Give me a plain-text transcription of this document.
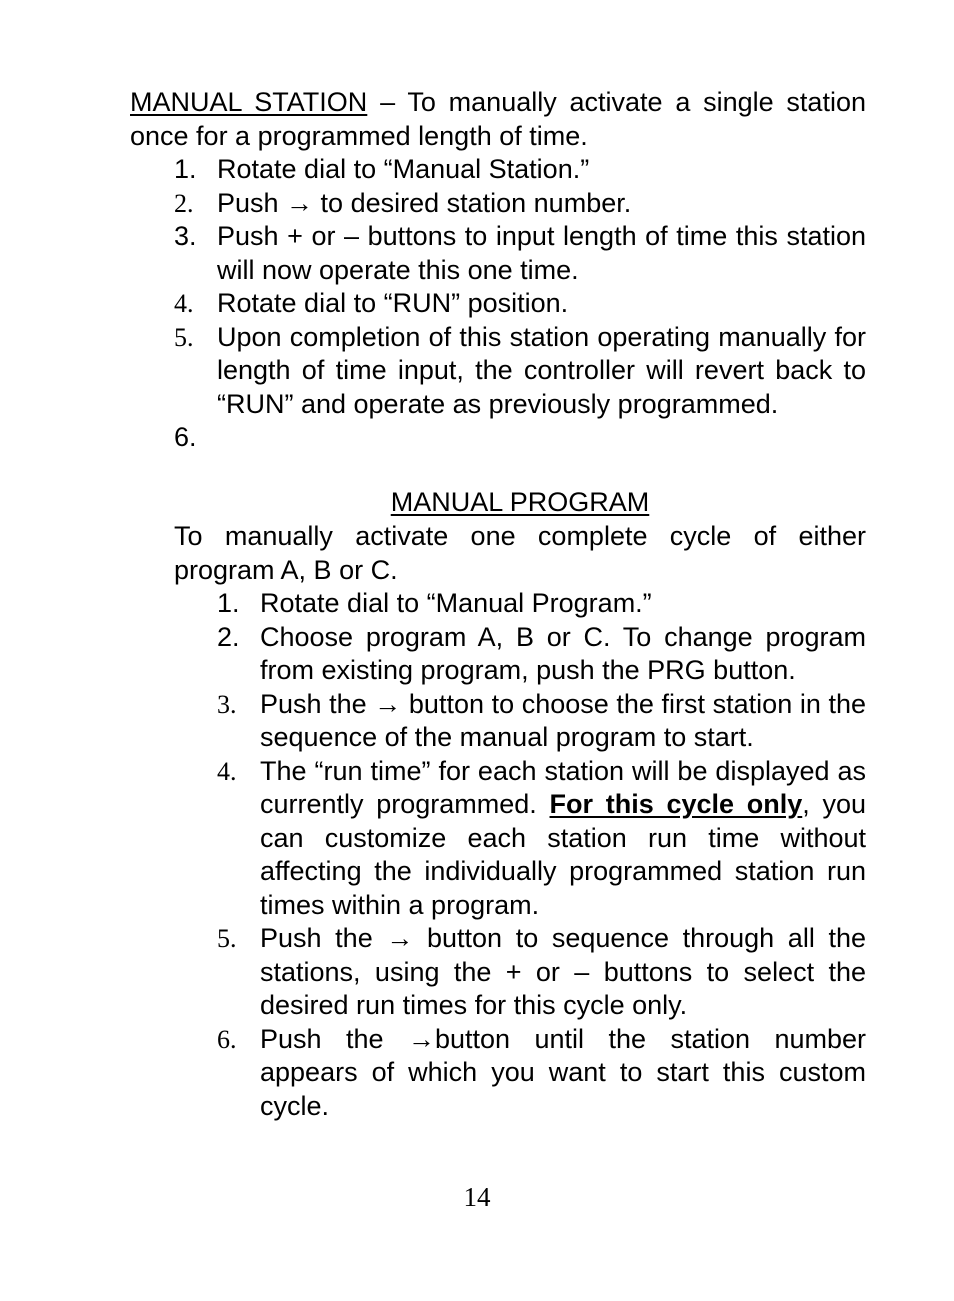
MANUAL STATION – To manually activate a single station once for a programmed length of time.
1. Rotate dial to “Manual Station.”
2. Push → to desired station number.
3. Push + or – buttons to input length of time this station will now operate this one time.
4. Rotate dial to “RUN” position.
5. Upon completion of this station operating manually for length of time input, the controller will revert back to “RUN” and operate as previously programmed.
6.
MANUAL PROGRAM
To manually activate one complete cycle of either program A, B or C.
1. Rotate dial to “Manual Program.”
2. Choose program A, B or C. To change program from existing program, push the PRG button.
3. Push the → button to choose the first station in the sequence of the manual program to start.
4. The “run time” for each station will be displayed as currently programmed. For this cycle only, you can customize each station run time without affecting the individually programmed station run times within a program.
5. Push the → button to sequence through all the stations, using the + or – buttons to select the desired run times for this cycle only.
6. Push the →button until the station number appears of which you want to start this custom cycle.
14
